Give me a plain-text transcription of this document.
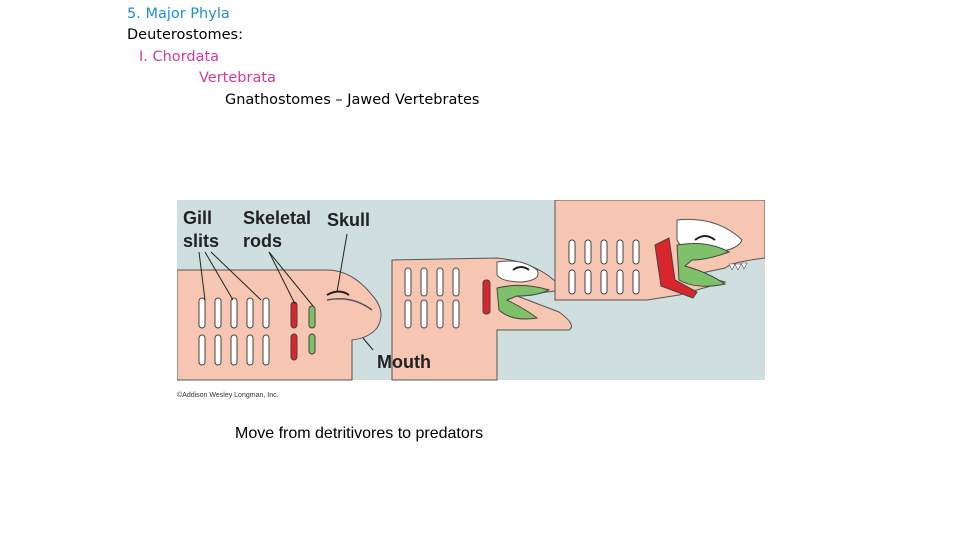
5. Major Phyla
Deuterostomes:
I. Chordata
Vertebrata
Gnathostomes – Jawed Vertebrates
Gill
slits
Skeletal
rods
Skull
Mouth
©Addison Wesley Longman, Inc.
Move from detritivores to predators
